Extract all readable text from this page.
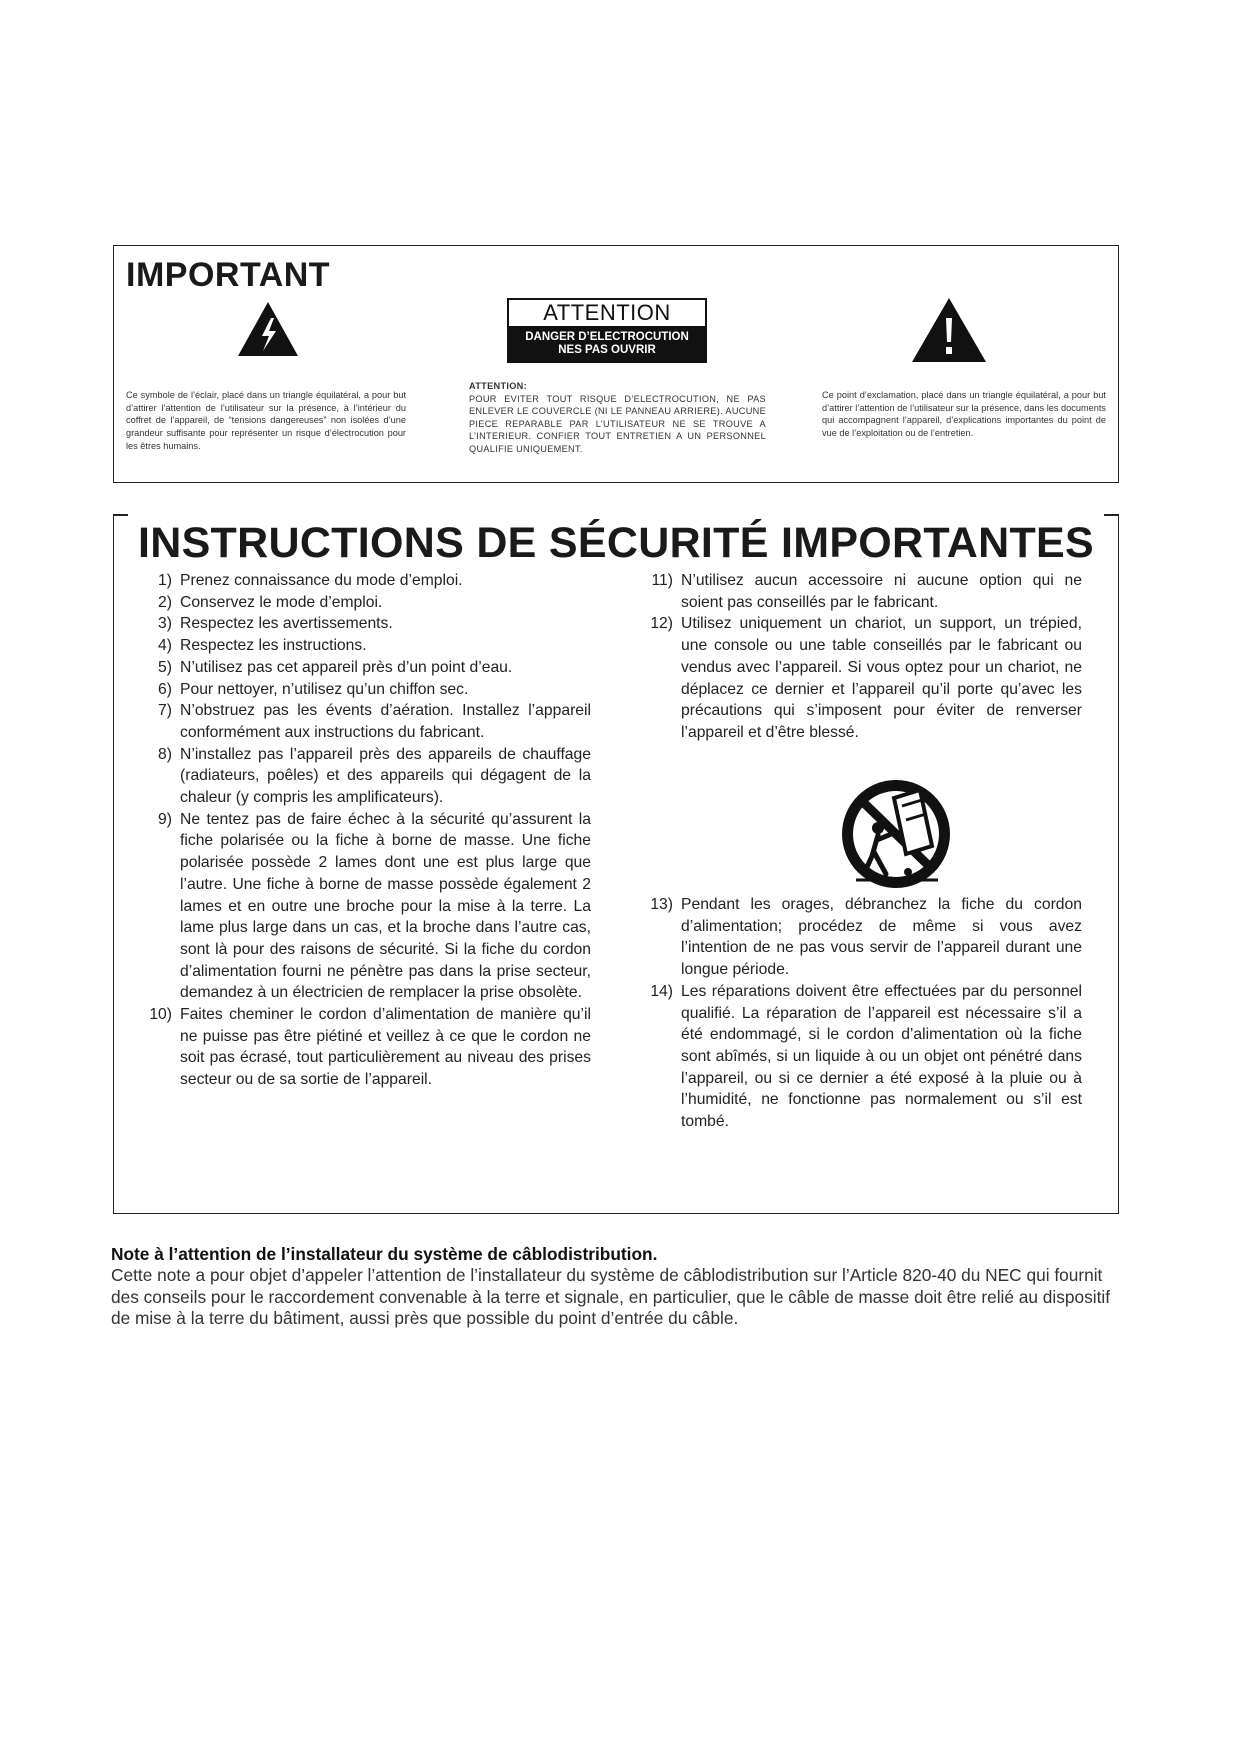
IMPORTANT
ATTENTION
DANGER D’ELECTROCUTION
NES PAS OUVRIR

Ce symbole de l’éclair, placé dans un triangle équilatéral, a pour but d’attirer l’attention de l’utilisateur sur la présence, à l’intérieur du coffret de l’appareil, de “tensions dangereuses” non isolées d’une grandeur suffisante pour représenter un risque d’électrocution pour les êtres humains.

ATTENTION:
POUR EVITER TOUT RISQUE D’ELECTROCUTION, NE PAS ENLEVER LE COUVERCLE (NI LE PANNEAU ARRIERE). AUCUNE PIECE REPARABLE PAR L’UTILISATEUR NE SE TROUVE A L’INTERIEUR. CONFIER TOUT ENTRETIEN A UN PERSONNEL QUALIFIE UNIQUEMENT.

Ce point d’exclamation, placé dans un triangle équilatéral, a pour but d’attirer l’attention de l’utilisateur sur la présence, dans les documents qui accompagnent l’appareil, d’explications importantes du point de vue de l’exploitation ou de l’entretien.

INSTRUCTIONS DE SÉCURITÉ IMPORTANTES
1) Prenez connaissance du mode d’emploi.
2) Conservez le mode d’emploi.
3) Respectez les avertissements.
4) Respectez les instructions.
5) N’utilisez pas cet appareil près d’un point d’eau.
6) Pour nettoyer, n’utilisez qu’un chiffon sec.
7) N’obstruez pas les évents d’aération. Installez l’appareil conformément aux instructions du fabricant.
8) N’installez pas l’appareil près des appareils de chauffage (radiateurs, poêles) et des appareils qui dégagent de la chaleur (y compris les amplificateurs).
9) Ne tentez pas de faire échec à la sécurité qu’assurent la fiche polarisée ou la fiche à borne de masse. Une fiche polarisée possède 2 lames dont une est plus large que l’autre. Une fiche à borne de masse possède également 2 lames et en outre une broche pour la mise à la terre. La lame plus large dans un cas, et la broche dans l’autre cas, sont là pour des raisons de sécurité. Si la fiche du cordon d’alimentation fourni ne pénètre pas dans la prise secteur, demandez à un électricien de remplacer la prise obsolète.
10) Faites cheminer le cordon d’alimentation de manière qu’il ne puisse pas être piétiné et veillez à ce que le cordon ne soit pas écrasé, tout particulièrement au niveau des prises secteur ou de sa sortie de l’appareil.
11) N’utilisez aucun accessoire ni aucune option qui ne soient pas conseillés par le fabricant.
12) Utilisez uniquement un chariot, un support, un trépied, une console ou une table conseillés par le fabricant ou vendus avec l’appareil. Si vous optez pour un chariot, ne déplacez ce dernier et l’appareil qu’il porte qu’avec les précautions qui s’imposent pour éviter de renverser l’appareil et d’être blessé.
13) Pendant les orages, débranchez la fiche du cordon d’alimentation; procédez de même si vous avez l’intention de ne pas vous servir de l’appareil durant une longue période.
14) Les réparations doivent être effectuées par du personnel qualifié. La réparation de l’appareil est nécessaire s’il a été endommagé, si le cordon d’alimentation où la fiche sont abîmés, si un liquide à ou un objet ont pénétré dans l’appareil, ou si ce dernier a été exposé à la pluie ou à l’humidité, ne fonctionne pas normalement ou s’il est tombé.
Note à l’attention de l’installateur du système de câblodistribution.
Cette note a pour objet d’appeler l’attention de l’installateur du système de câblodistribution sur l’Article 820-40 du NEC qui fournit des conseils pour le raccordement convenable à la terre et signale, en particulier, que le câble de masse doit être relié au dispositif de mise à la terre du bâtiment, aussi près que possible du point d’entrée du câble.
